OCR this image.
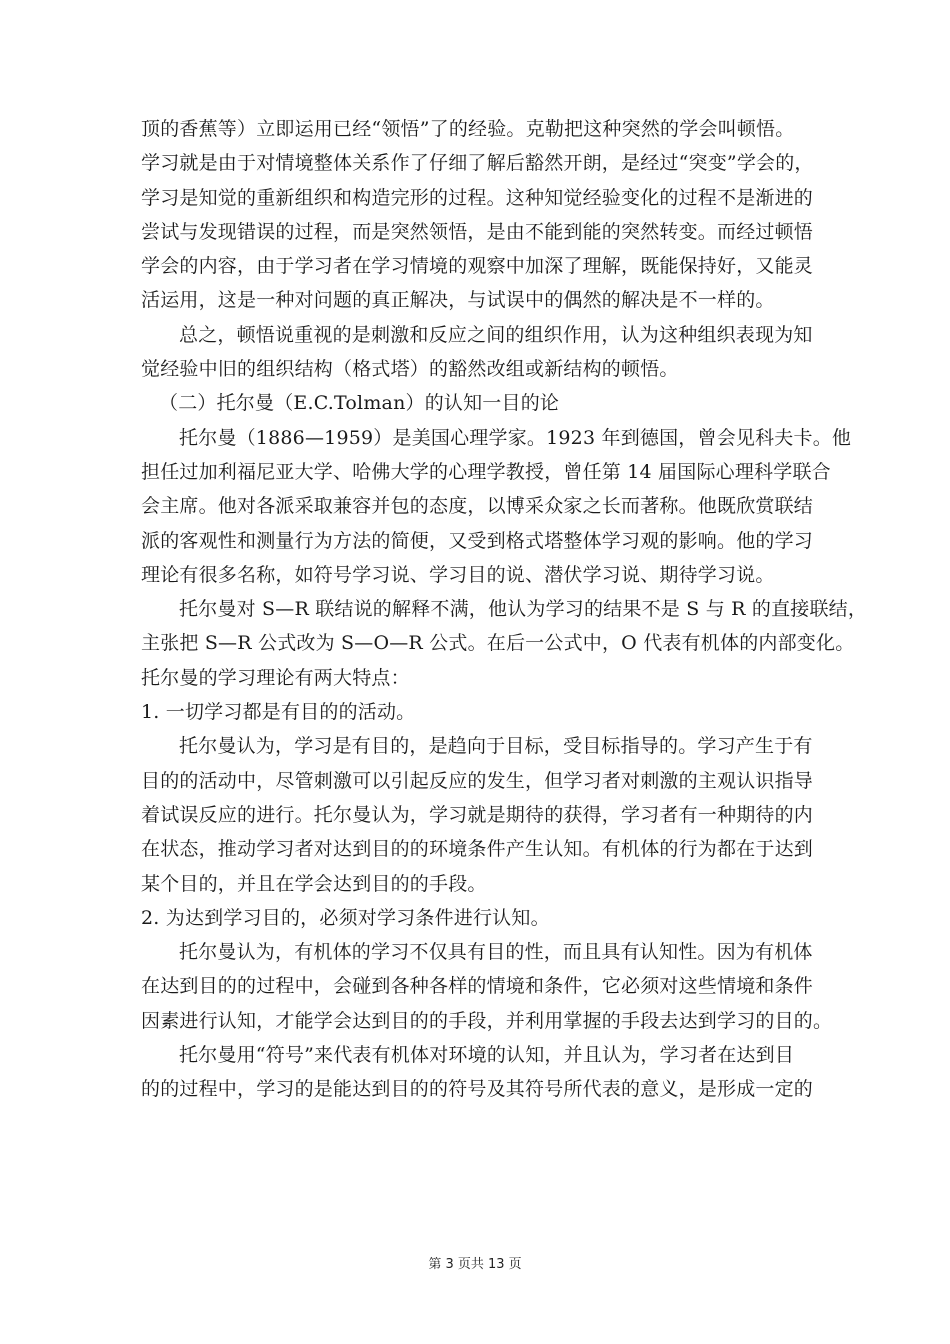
顶的香蕉等）立即运用已经“领悟”了的经验。克勒把这种突然的学会叫顿悟。
学习就是由于对情境整体关系作了仔细了解后豁然开朗，是经过“突变”学会的，
学习是知觉的重新组织和构造完形的过程。这种知觉经验变化的过程不是渐进的
尝试与发现错误的过程，而是突然领悟，是由不能到能的突然转变。而经过顿悟
学会的内容，由于学习者在学习情境的观察中加深了理解，既能保持好，又能灵
活运用，这是一种对问题的真正解决，与试误中的偶然的解决是不一样的。
总之，顿悟说重视的是刺激和反应之间的组织作用，认为这种组织表现为知
觉经验中旧的组织结构（格式塔）的豁然改组或新结构的顿悟。
（二）托尔曼（E.C.Tolman）的认知一目的论
托尔曼（1886—1959）是美国心理学家。1923 年到德国，曾会见科夫卡。他
担任过加利福尼亚大学、哈佛大学的心理学教授，曾任第 14 届国际心理科学联合
会主席。他对各派采取兼容并包的态度，以博采众家之长而著称。他既欣赏联结
派的客观性和测量行为方法的简便，又受到格式塔整体学习观的影响。他的学习
理论有很多名称，如符号学习说、学习目的说、潜伏学习说、期待学习说。
托尔曼对 S—R 联结说的解释不满，他认为学习的结果不是 S 与 R 的直接联结，
主张把 S—R 公式改为 S—O—R 公式。在后一公式中，O 代表有机体的内部变化。
托尔曼的学习理论有两大特点：
1. 一切学习都是有目的的活动。
托尔曼认为，学习是有目的，是趋向于目标，受目标指导的。学习产生于有
目的的活动中，尽管刺激可以引起反应的发生，但学习者对刺激的主观认识指导
着试误反应的进行。托尔曼认为，学习就是期待的获得，学习者有一种期待的内
在状态，推动学习者对达到目的的环境条件产生认知。有机体的行为都在于达到
某个目的，并且在学会达到目的的手段。
2. 为达到学习目的，必须对学习条件进行认知。
托尔曼认为，有机体的学习不仅具有目的性，而且具有认知性。因为有机体
在达到目的的过程中，会碰到各种各样的情境和条件，它必须对这些情境和条件
因素进行认知，才能学会达到目的的手段，并利用掌握的手段去达到学习的目的。
托尔曼用“符号”来代表有机体对环境的认知，并且认为，学习者在达到目
的的过程中，学习的是能达到目的的符号及其符号所代表的意义，是形成一定的
第 3 页共 13 页
